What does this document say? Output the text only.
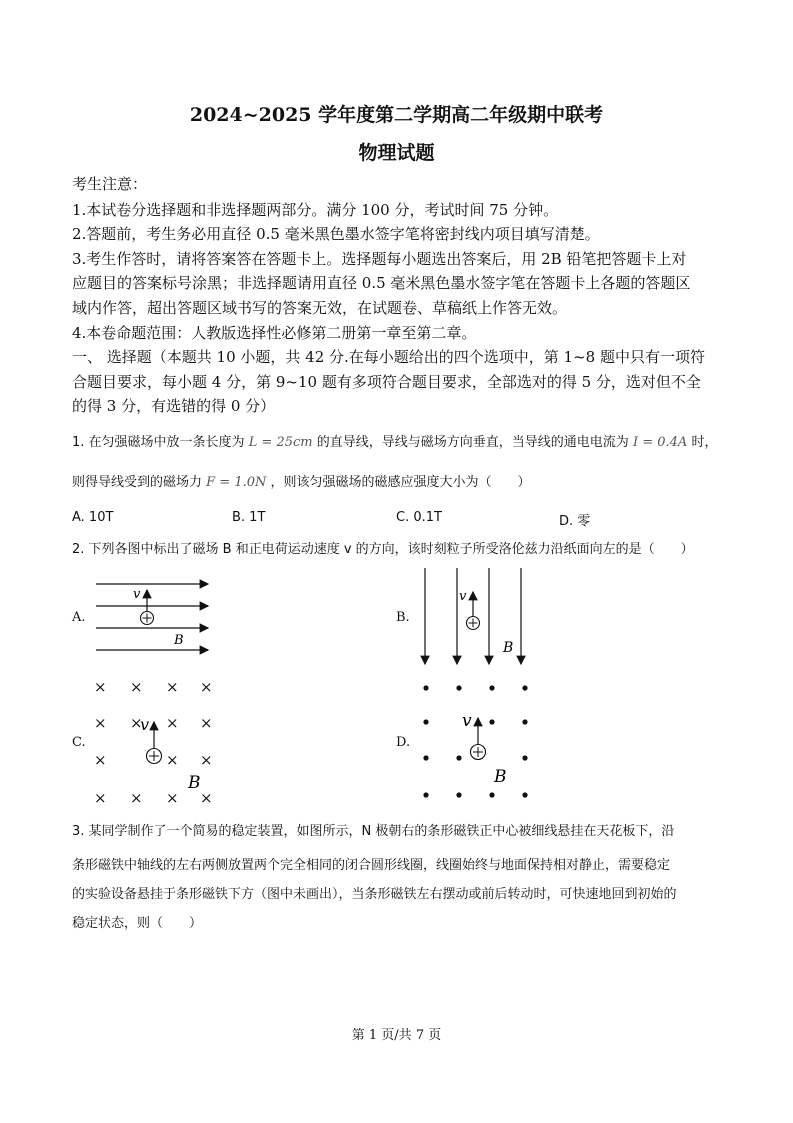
2024~2025 学年度第二学期高二年级期中联考
物理试题
考生注意：
1.本试卷分选择题和非选择题两部分。满分 100 分，考试时间 75 分钟。
2.答题前，考生务必用直径 0.5 毫米黑色墨水签字笔将密封线内项目填写清楚。
3.考生作答时，请将答案答在答题卡上。选择题每小题选出答案后，用 2B 铅笔把答题卡上对
应题目的答案标号涂黑；非选择题请用直径 0.5 毫米黑色墨水签字笔在答题卡上各题的答题区
域内作答，超出答题区域书写的答案无效，在试题卷、草稿纸上作答无效。
4.本卷命题范围：人教版选择性必修第二册第一章至第二章。
一、 选择题（本题共 10 小题，共 42 分.在每小题给出的四个选项中，第 1~8 题中只有一项符
合题目要求，每小题 4 分，第 9~10 题有多项符合题目要求，全部选对的得 5 分，选对但不全
的得 3 分，有选错的得 0 分）
1. 在匀强磁场中放一条长度为 L = 25cm 的直导线，导线与磁场方向垂直，当导线的通电电流为 I = 0.4A 时，
则得导线受到的磁场力 F = 1.0N ，则该匀强磁场的磁感应强度大小为（　　）
A. 10T	B. 1T	C. 0.1T	D. 零
2. 下列各图中标出了磁场 B 和正电荷运动速度 v 的方向，该时刻粒子所受洛伦兹力沿纸面向左的是（　　）
A.	B.
C.	D.
v
B
v
B
× × × ×
× × × ×
×	× ×
× × × ×
v
B
v
B
3. 某同学制作了一个简易的稳定装置，如图所示，N 极朝右的条形磁铁正中心被细线悬挂在天花板下，沿
条形磁铁中轴线的左右两侧放置两个完全相同的闭合圆形线圈，线圈始终与地面保持相对静止，需要稳定
的实验设备悬挂于条形磁铁下方（图中未画出），当条形磁铁左右摆动或前后转动时，可快速地回到初始的
稳定状态，则（　　）
第 1 页/共 7 页
